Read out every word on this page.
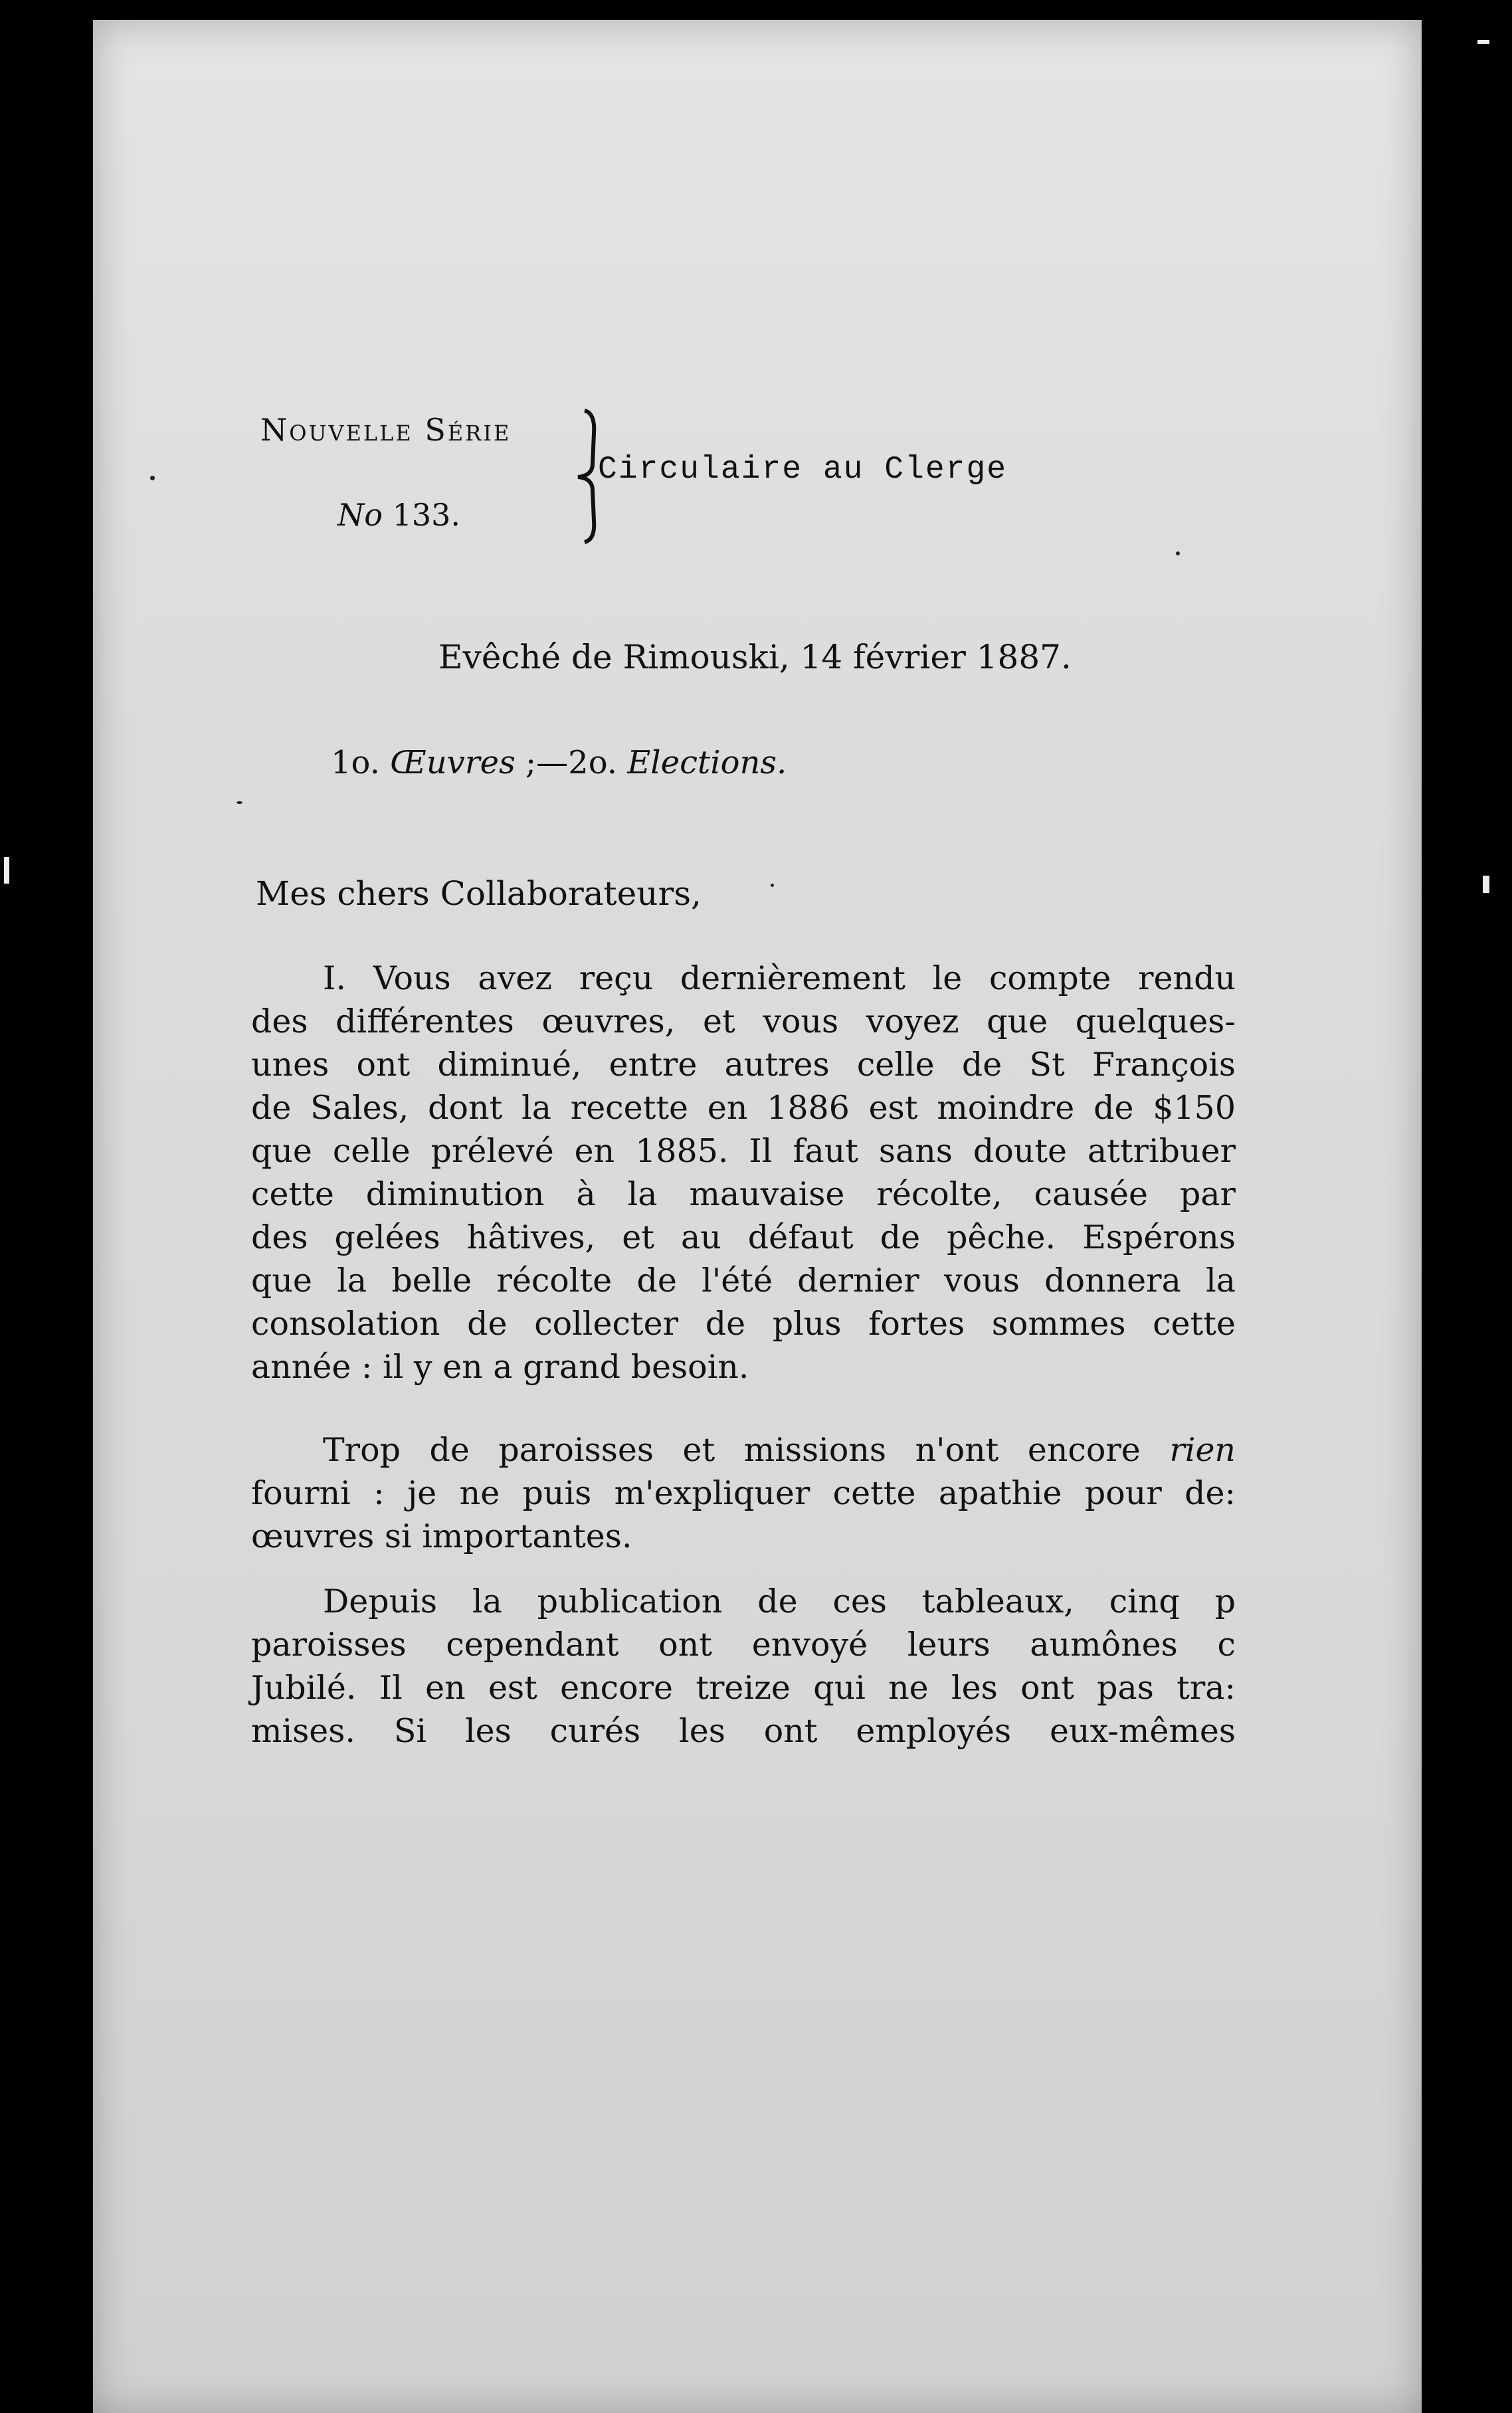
Nouvelle Série
No 133.
Circulaire au Clerge
Evêché de Rimouski, 14 février 1887.
1o. Œuvres ;—2o. Elections.
Mes chers Collaborateurs,
I. Vous avez reçu dernièrement le compte rendu
des différentes œuvres, et vous voyez que quelques-
unes ont diminué, entre autres celle de St François
de Sales, dont la recette en 1886 est moindre de $150
que celle prélevé en 1885. Il faut sans doute attribuer
cette diminution à la mauvaise récolte, causée par
des gelées hâtives, et au défaut de pêche. Espérons
que la belle récolte de l'été dernier vous donnera la
consolation de collecter de plus fortes sommes cette
année : il y en a grand besoin.
Trop de paroisses et missions n'ont encore rien
fourni : je ne puis m'expliquer cette apathie pour de:
œuvres si importantes.
Depuis la publication de ces tableaux, cinq p
paroisses cependant ont envoyé leurs aumônes c
Jubilé. Il en est encore treize qui ne les ont pas tra:
mises. Si les curés les ont employés eux-mêmes
